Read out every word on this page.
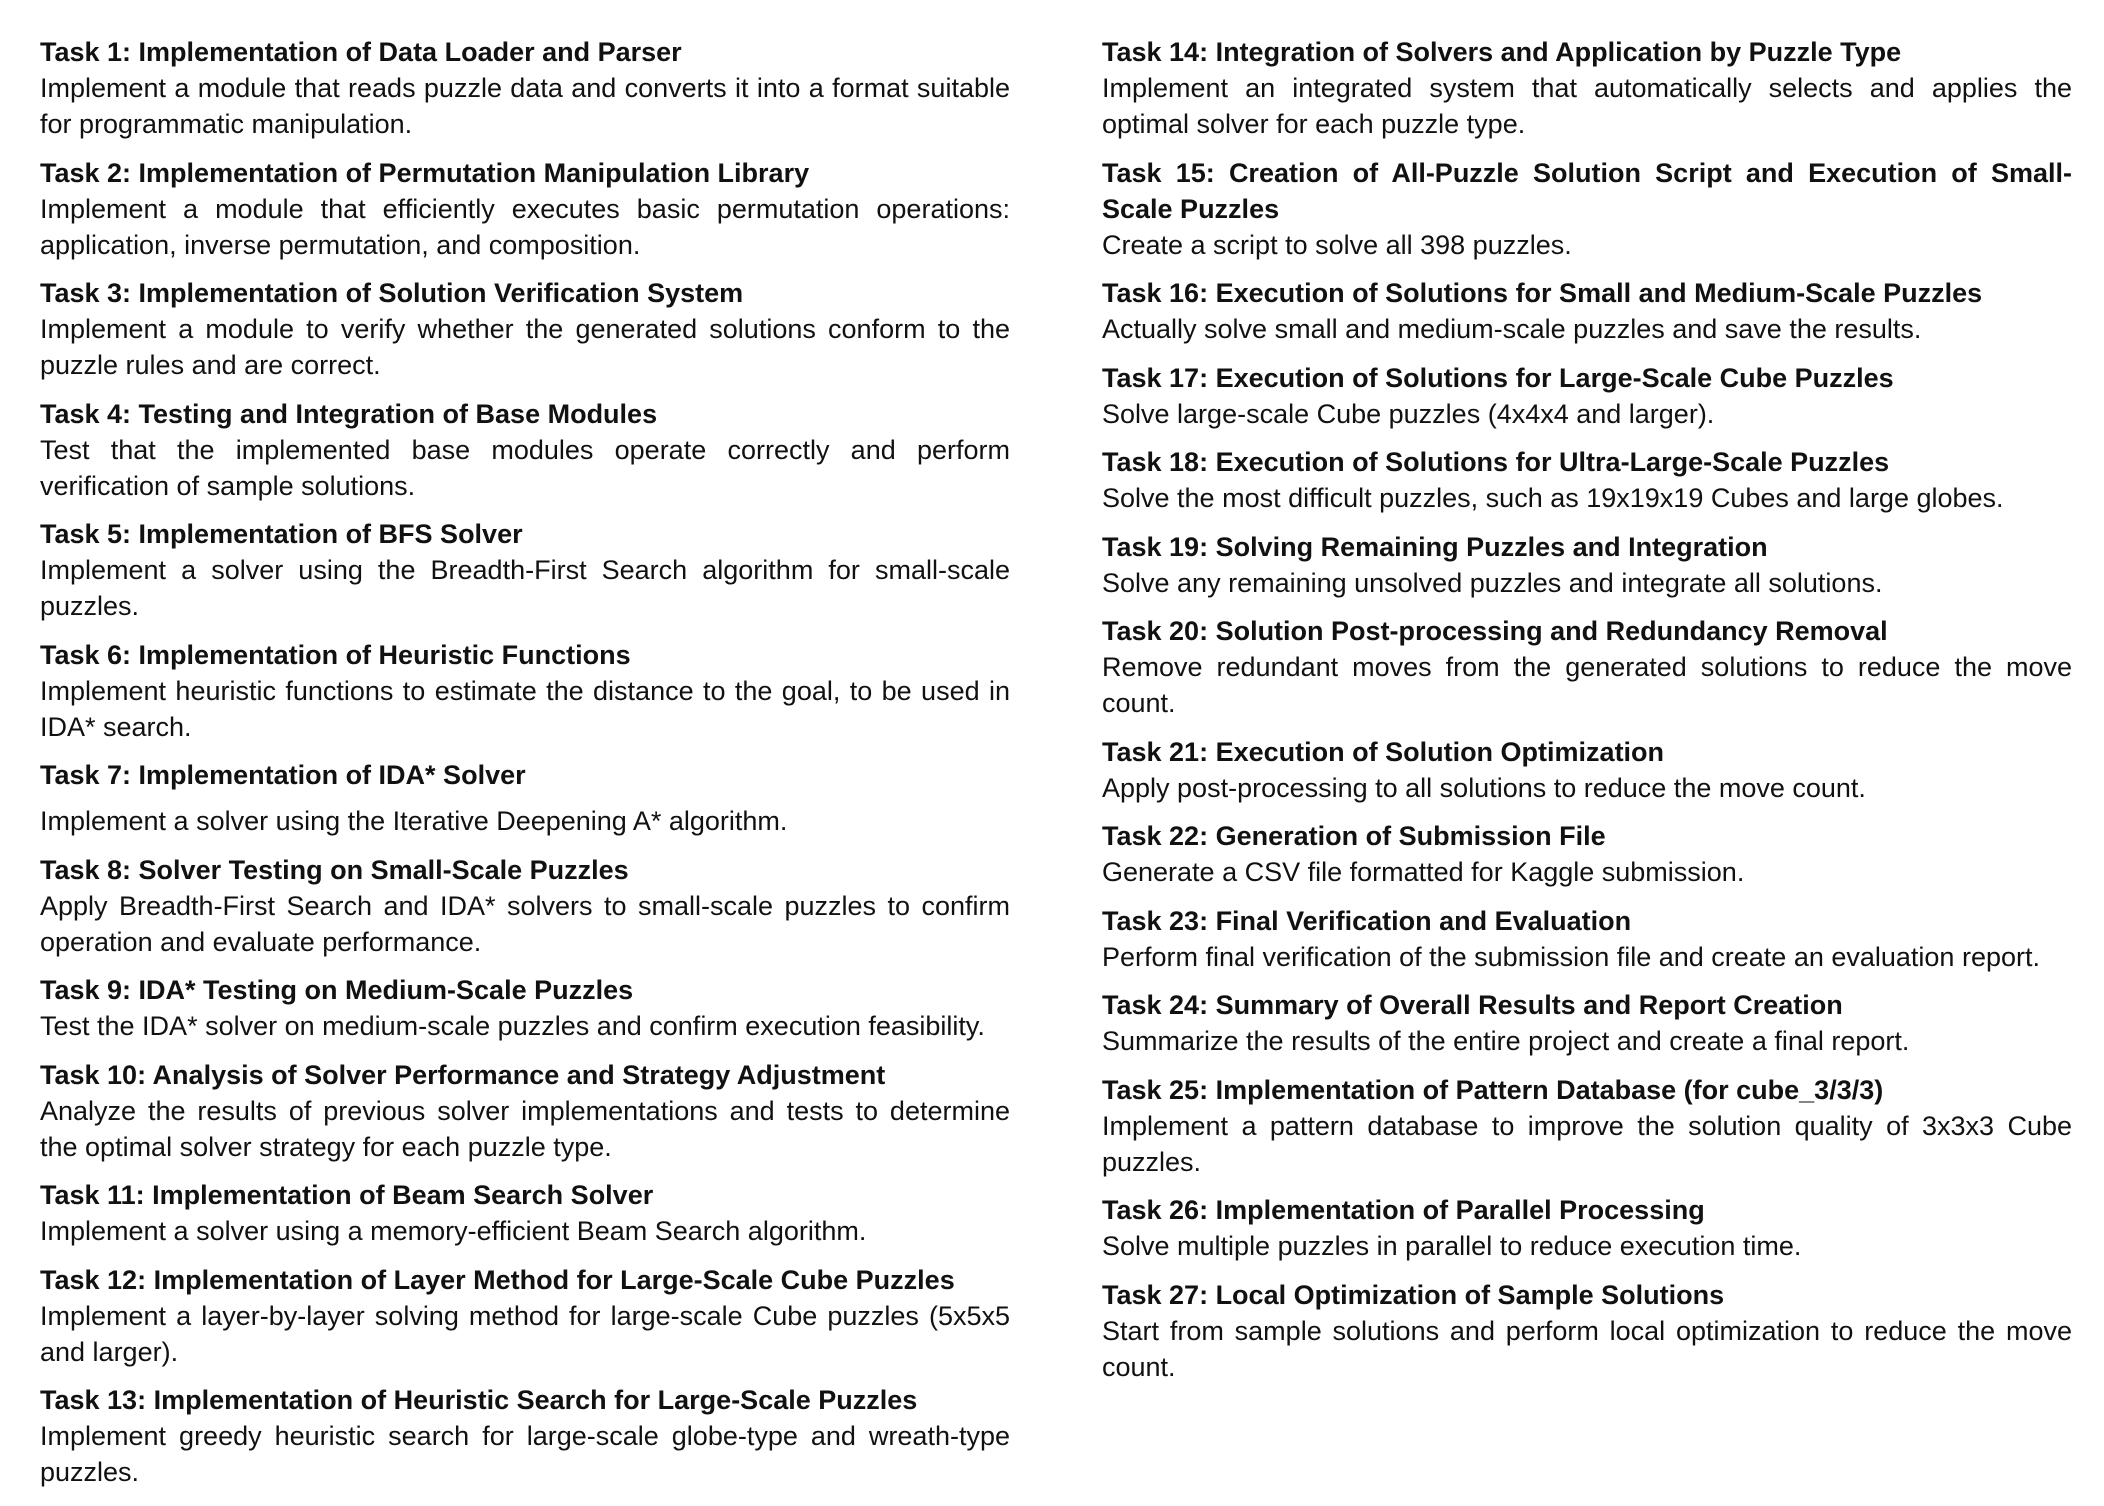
Task 1: Implementation of Data Loader and Parser
Implement a module that reads puzzle data and converts it into a format suitable for programmatic manipulation.
Task 2: Implementation of Permutation Manipulation Library
Implement a module that efficiently executes basic permutation operations: application, inverse permutation, and composition.
Task 3: Implementation of Solution Verification System
Implement a module to verify whether the generated solutions conform to the puzzle rules and are correct.
Task 4: Testing and Integration of Base Modules
Test that the implemented base modules operate correctly and perform verification of sample solutions.
Task 5: Implementation of BFS Solver
Implement a solver using the Breadth-First Search algorithm for small-scale puzzles.
Task 6: Implementation of Heuristic Functions
Implement heuristic functions to estimate the distance to the goal, to be used in IDA* search.
Task 7: Implementation of IDA* Solver
Implement a solver using the Iterative Deepening A* algorithm.
Task 8: Solver Testing on Small-Scale Puzzles
Apply Breadth-First Search and IDA* solvers to small-scale puzzles to confirm operation and evaluate performance.
Task 9: IDA* Testing on Medium-Scale Puzzles
Test the IDA* solver on medium-scale puzzles and confirm execution feasibility.
Task 10: Analysis of Solver Performance and Strategy Adjustment
Analyze the results of previous solver implementations and tests to determine the optimal solver strategy for each puzzle type.
Task 11: Implementation of Beam Search Solver
Implement a solver using a memory-efficient Beam Search algorithm.
Task 12: Implementation of Layer Method for Large-Scale Cube Puzzles
Implement a layer-by-layer solving method for large-scale Cube puzzles (5x5x5 and larger).
Task 13: Implementation of Heuristic Search for Large-Scale Puzzles
Implement greedy heuristic search for large-scale globe-type and wreath-type puzzles.
Task 14: Integration of Solvers and Application by Puzzle Type
Implement an integrated system that automatically selects and applies the optimal solver for each puzzle type.
Task 15: Creation of All-Puzzle Solution Script and Execution of Small-Scale Puzzles
Create a script to solve all 398 puzzles.
Task 16: Execution of Solutions for Small and Medium-Scale Puzzles
Actually solve small and medium-scale puzzles and save the results.
Task 17: Execution of Solutions for Large-Scale Cube Puzzles
Solve large-scale Cube puzzles (4x4x4 and larger).
Task 18: Execution of Solutions for Ultra-Large-Scale Puzzles
Solve the most difficult puzzles, such as 19x19x19 Cubes and large globes.
Task 19: Solving Remaining Puzzles and Integration
Solve any remaining unsolved puzzles and integrate all solutions.
Task 20: Solution Post-processing and Redundancy Removal
Remove redundant moves from the generated solutions to reduce the move count.
Task 21: Execution of Solution Optimization
Apply post-processing to all solutions to reduce the move count.
Task 22: Generation of Submission File
Generate a CSV file formatted for Kaggle submission.
Task 23: Final Verification and Evaluation
Perform final verification of the submission file and create an evaluation report.
Task 24: Summary of Overall Results and Report Creation
Summarize the results of the entire project and create a final report.
Task 25: Implementation of Pattern Database (for cube_3/3/3)
Implement a pattern database to improve the solution quality of 3x3x3 Cube puzzles.
Task 26: Implementation of Parallel Processing
Solve multiple puzzles in parallel to reduce execution time.
Task 27: Local Optimization of Sample Solutions
Start from sample solutions and perform local optimization to reduce the move count.
